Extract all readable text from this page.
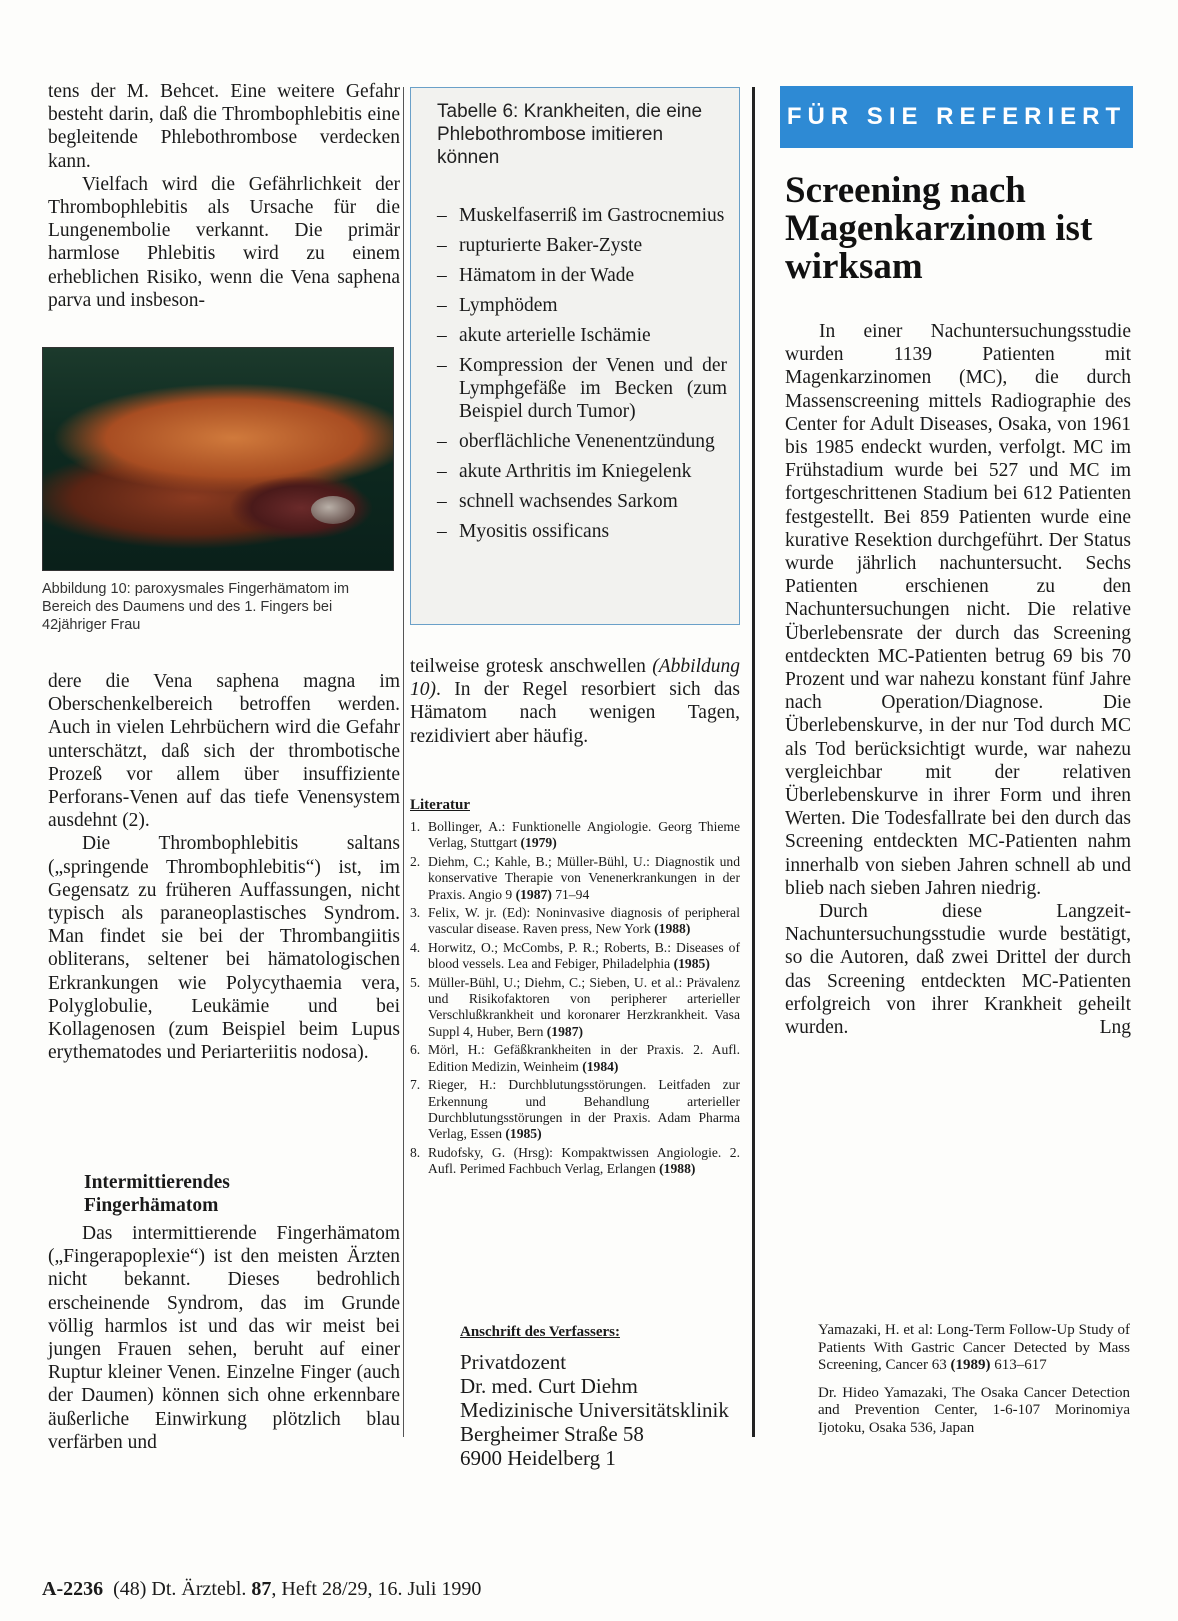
tens der M. Behcet. Eine weitere Gefahr besteht darin, daß die Thrombophlebitis eine begleitende Phlebothrombose verdecken kann.

Vielfach wird die Gefährlichkeit der Thrombophlebitis als Ursache für die Lungenembolie verkannt. Die primär harmlose Phlebitis wird zu einem erheblichen Risiko, wenn die Vena saphena parva und insbeson-

Abbildung 10: paroxysmales Fingerhämatom im Bereich des Daumens und des 1. Fingers bei 42jähriger Frau

dere die Vena saphena magna im Oberschenkelbereich betroffen werden. Auch in vielen Lehrbüchern wird die Gefahr unterschätzt, daß sich der thrombotische Prozeß vor allem über insuffiziente Perforans-Venen auf das tiefe Venensystem ausdehnt (2).

Die Thrombophlebitis saltans („springende Thrombophlebitis“) ist, im Gegensatz zu früheren Auffassungen, nicht typisch als paraneoplastisches Syndrom. Man findet sie bei der Thrombangiitis obliterans, seltener bei hämatologischen Erkrankungen wie Polycythaemia vera, Polyglobulie, Leukämie und bei Kollagenosen (zum Beispiel beim Lupus erythematodes und Periarteriitis nodosa).

Intermittierendes
Fingerhämatom

Das intermittierende Fingerhämatom („Fingerapoplexie“) ist den meisten Ärzten nicht bekannt. Dieses bedrohlich erscheinende Syndrom, das im Grunde völlig harmlos ist und das wir meist bei jungen Frauen sehen, beruht auf einer Ruptur kleiner Venen. Einzelne Finger (auch der Daumen) können sich ohne erkennbare äußerliche Einwirkung plötzlich blau verfärben und

Tabelle 6: Krankheiten, die eine Phlebothrombose imitieren können
– Muskelfaserriß im Gastrocnemius
– rupturierte Baker-Zyste
– Hämatom in der Wade
– Lymphödem
– akute arterielle Ischämie
– Kompression der Venen und der Lymphgefäße im Becken (zum Beispiel durch Tumor)
– oberflächliche Venenentzündung
– akute Arthritis im Kniegelenk
– schnell wachsendes Sarkom
– Myositis ossificans

teilweise grotesk anschwellen (Abbildung 10). In der Regel resorbiert sich das Hämatom nach wenigen Tagen, rezidiviert aber häufig.

Literatur
1. Bollinger, A.: Funktionelle Angiologie. Georg Thieme Verlag, Stuttgart (1979)
2. Diehm, C.; Kahle, B.; Müller-Bühl, U.: Diagnostik und konservative Therapie von Venenerkrankungen in der Praxis. Angio 9 (1987) 71–94
3. Felix, W. jr. (Ed): Noninvasive diagnosis of peripheral vascular disease. Raven press, New York (1988)
4. Horwitz, O.; McCombs, P. R.; Roberts, B.: Diseases of blood vessels. Lea and Febiger, Philadelphia (1985)
5. Müller-Bühl, U.; Diehm, C.; Sieben, U. et al.: Prävalenz und Risikofaktoren von peripherer arterieller Verschlußkrankheit und koronarer Herzkrankheit. Vasa Suppl 4, Huber, Bern (1987)
6. Mörl, H.: Gefäßkrankheiten in der Praxis. 2. Aufl. Edition Medizin, Weinheim (1984)
7. Rieger, H.: Durchblutungsstörungen. Leitfaden zur Erkennung und Behandlung arterieller Durchblutungsstörungen in der Praxis. Adam Pharma Verlag, Essen (1985)
8. Rudofsky, G. (Hrsg): Kompaktwissen Angiologie. 2. Aufl. Perimed Fachbuch Verlag, Erlangen (1988)
Anschrift des Verfassers:
Privatdozent
Dr. med. Curt Diehm
Medizinische Universitätsklinik
Bergheimer Straße 58
6900 Heidelberg 1
FÜR SIE REFERIERT
Screening nach Magenkarzinom ist wirksam

In einer Nachuntersuchungsstudie wurden 1139 Patienten mit Magenkarzinomen (MC), die durch Massenscreening mittels Radiographie des Center for Adult Diseases, Osaka, von 1961 bis 1985 endeckt wurden, verfolgt. MC im Frühstadium wurde bei 527 und MC im fortgeschrittenen Stadium bei 612 Patienten festgestellt. Bei 859 Patienten wurde eine kurative Resektion durchgeführt. Der Status wurde jährlich nachuntersucht. Sechs Patienten erschienen zu den Nachuntersuchungen nicht. Die relative Überlebensrate der durch das Screening entdeckten MC-Patienten betrug 69 bis 70 Prozent und war nahezu konstant fünf Jahre nach Operation/Diagnose. Die Überlebenskurve, in der nur Tod durch MC als Tod berücksichtigt wurde, war nahezu vergleichbar mit der relativen Überlebenskurve in ihrer Form und ihren Werten. Die Todesfallrate bei den durch das Screening entdeckten MC-Patienten nahm innerhalb von sieben Jahren schnell ab und blieb nach sieben Jahren niedrig.

Durch diese Langzeit-Nachuntersuchungsstudie wurde bestätigt, so die Autoren, daß zwei Drittel der durch das Screening entdeckten MC-Patienten erfolgreich von ihrer Krankheit geheilt wurden.	Lng

Yamazaki, H. et al: Long-Term Follow-Up Study of Patients With Gastric Cancer Detected by Mass Screening, Cancer 63 (1989) 613–617

Dr. Hideo Yamazaki, The Osaka Cancer Detection and Prevention Center, 1-6-107 Morinomiya Ijotoku, Osaka 536, Japan

A-2236 (48) Dt. Ärztebl. 87, Heft 28/29, 16. Juli 1990
